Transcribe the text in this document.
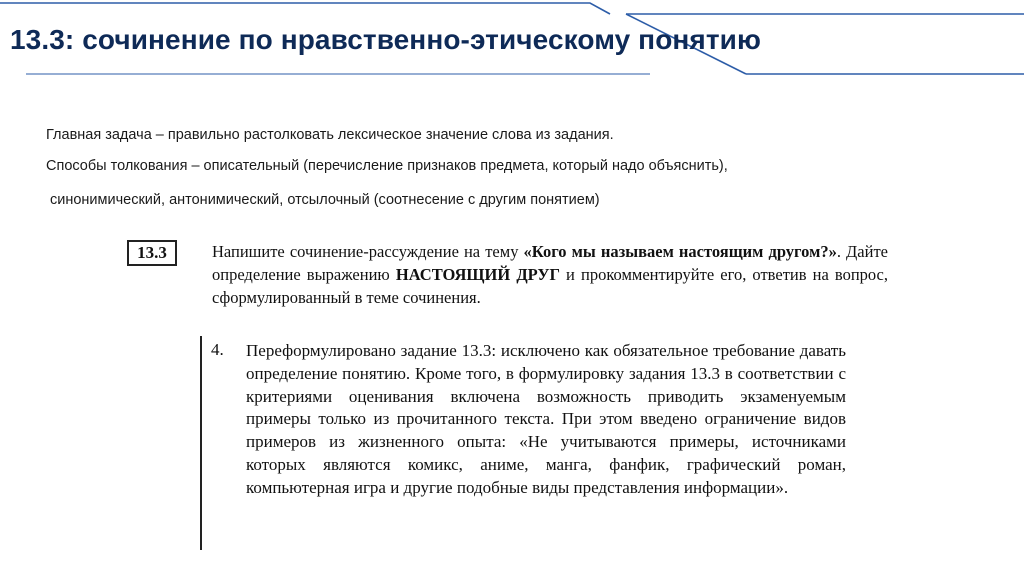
13.3: сочинение по нравственно-этическому понятию
Главная задача – правильно растолковать лексическое значение слова из задания.
Способы толкования – описательный (перечисление признаков предмета, который надо объяснить),
синонимический, антонимический, отсылочный (соотнесение с другим понятием)
13.3	Напишите сочинение-рассуждение на тему «Кого мы называем настоящим другом?». Дайте определение выражению НАСТОЯЩИЙ ДРУГ и прокомментируйте его, ответив на вопрос, сформулированный в теме сочинения.
4. Переформулировано задание 13.3: исключено как обязательное требование давать определение понятию. Кроме того, в формулировку задания 13.3 в соответствии с критериями оценивания включена возможность приводить экзаменуемым примеры только из прочитанного текста. При этом введено ограничение видов примеров из жизненного опыта: «Не учитываются примеры, источниками которых являются комикс, аниме, манга, фанфик, графический роман, компьютерная игра и другие подобные виды представления информации».
